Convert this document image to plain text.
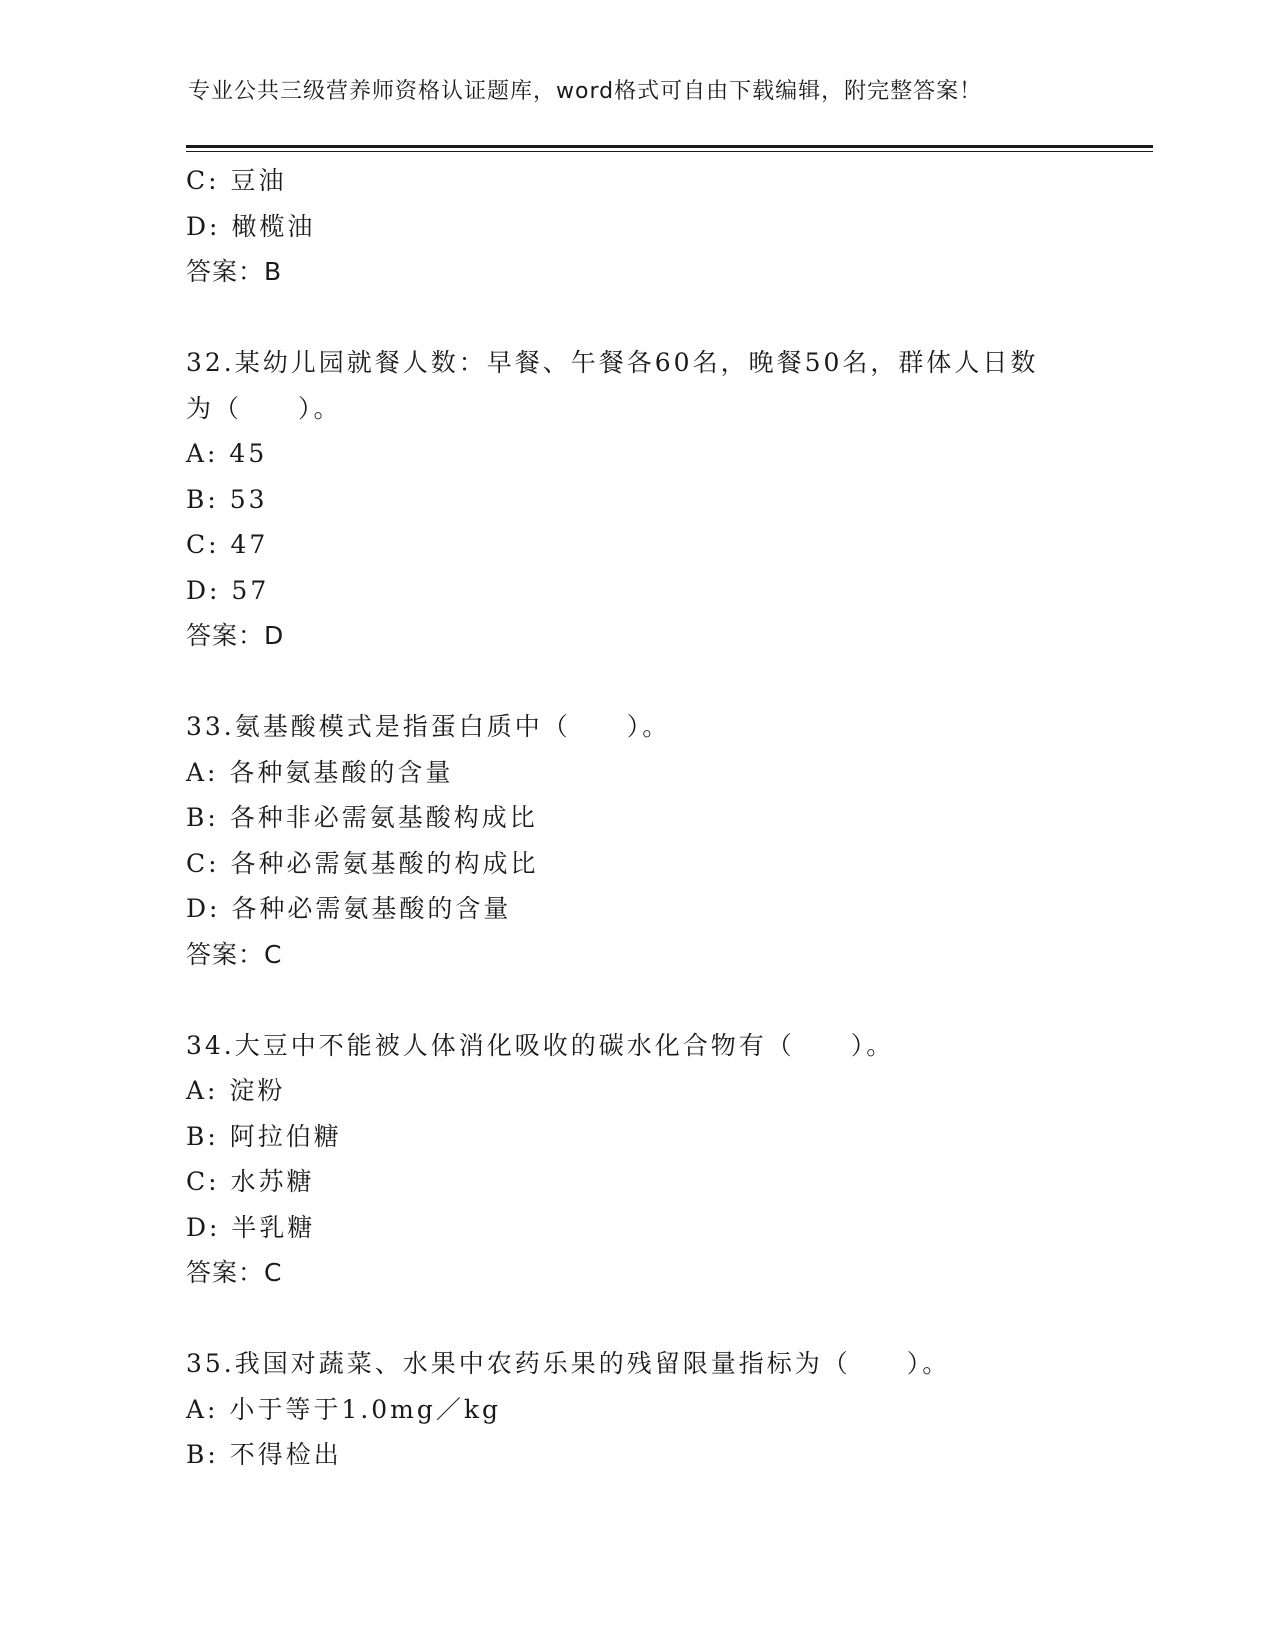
专业公共三级营养师资格认证题库，word格式可自由下载编辑，附完整答案！
C: 豆油
D: 橄榄油
答案：B
32.某幼儿园就餐人数：早餐、午餐各60名，晚餐50名，群体人日数
为（　　）。
A: 45
B: 53
C: 47
D: 57
答案：D
33.氨基酸模式是指蛋白质中（　　）。
A: 各种氨基酸的含量
B: 各种非必需氨基酸构成比
C: 各种必需氨基酸的构成比
D: 各种必需氨基酸的含量
答案：C
34.大豆中不能被人体消化吸收的碳水化合物有（　　）。
A: 淀粉
B: 阿拉伯糖
C: 水苏糖
D: 半乳糖
答案：C
35.我国对蔬菜、水果中农药乐果的残留限量指标为（　　）。
A: 小于等于1.0mg／kg
B: 不得检出
